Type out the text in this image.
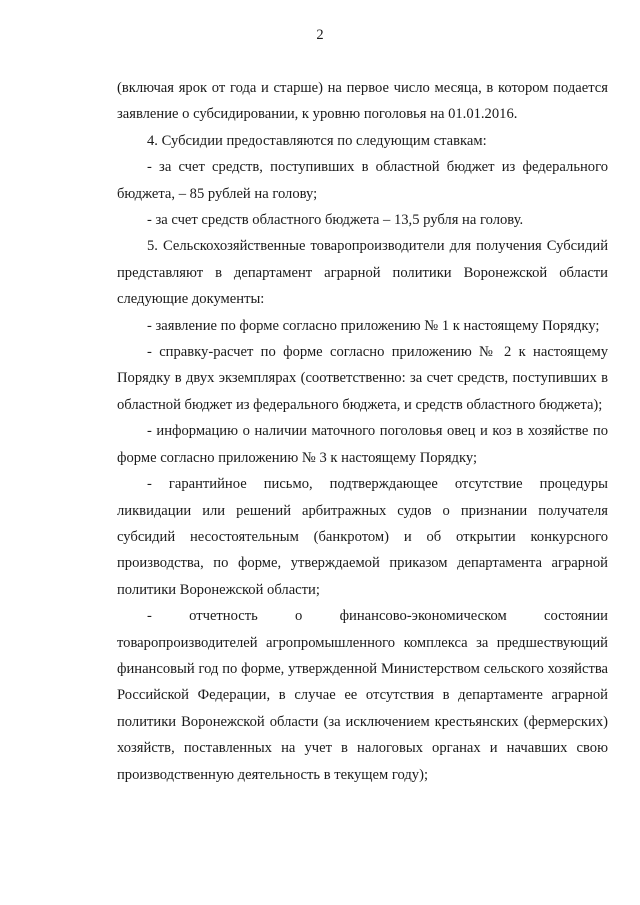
2

(включая ярок от года и старше) на первое число месяца, в котором подается заявление о субсидировании, к уровню поголовья на 01.01.2016.

4. Субсидии предоставляются по следующим ставкам:

- за счет средств, поступивших в областной бюджет из федерального бюджета, – 85 рублей на голову;

- за счет средств областного бюджета – 13,5 рубля на голову.

5. Сельскохозяйственные товаропроизводители для получения Субсидий представляют в департамент аграрной политики Воронежской области следующие документы:

- заявление по форме согласно приложению № 1 к настоящему Порядку;

- справку-расчет по форме согласно приложению № 2 к настоящему Порядку в двух экземплярах (соответственно: за счет средств, поступивших в областной бюджет из федерального бюджета, и средств областного бюджета);

- информацию о наличии маточного поголовья овец и коз в хозяйстве по форме согласно приложению № 3 к настоящему Порядку;

- гарантийное письмо, подтверждающее отсутствие процедуры ликвидации или решений арбитражных судов о признании получателя субсидий несостоятельным (банкротом) и об открытии конкурсного производства, по форме, утверждаемой приказом департамента аграрной политики Воронежской области;

-	отчетность	о	финансово-экономическом	состоянии

товаропроизводителей агропромышленного комплекса за предшествующий финансовый год по форме, утвержденной Министерством сельского хозяйства Российской Федерации, в случае ее отсутствия в департаменте аграрной политики Воронежской области (за исключением крестьянских (фермерских) хозяйств, поставленных на учет в налоговых органах и начавших свою производственную деятельность в текущем году);
